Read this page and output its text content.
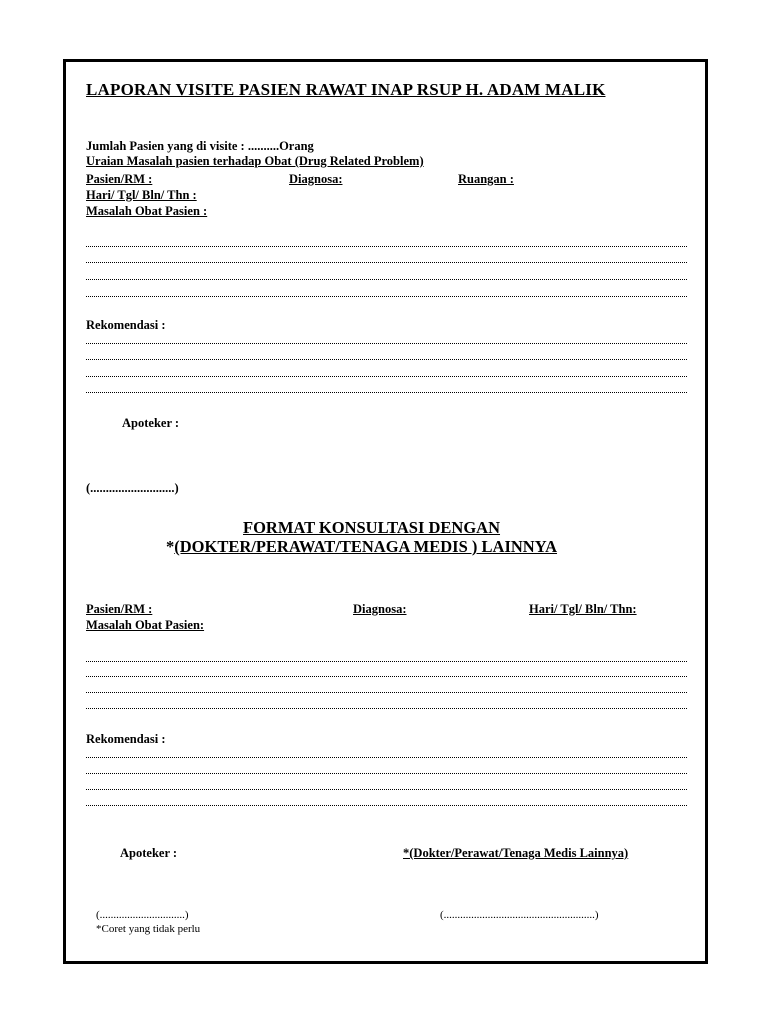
LAPORAN VISITE PASIEN RAWAT INAP RSUP H. ADAM MALIK
Jumlah Pasien yang di visite : ..........Orang
Uraian Masalah pasien terhadap Obat (Drug Related Problem)
Pasien/RM :	Diagnosa:	Ruangan :
Hari/ Tgl/ Bln/ Thn :
Masalah Obat Pasien :
Rekomendasi :
Apoteker :
(...........................)
FORMAT KONSULTASI DENGAN
*(DOKTER/PERAWAT/TENAGA MEDIS ) LAINNYA
Pasien/RM :	Diagnosa:	Hari/ Tgl/ Bln/ Thn:
Masalah Obat Pasien:
Rekomendasi :
Apoteker :	*(Dokter/Perawat/Tenaga Medis Lainnya)
(...............................)	(.......................................................)
*Coret yang tidak perlu
